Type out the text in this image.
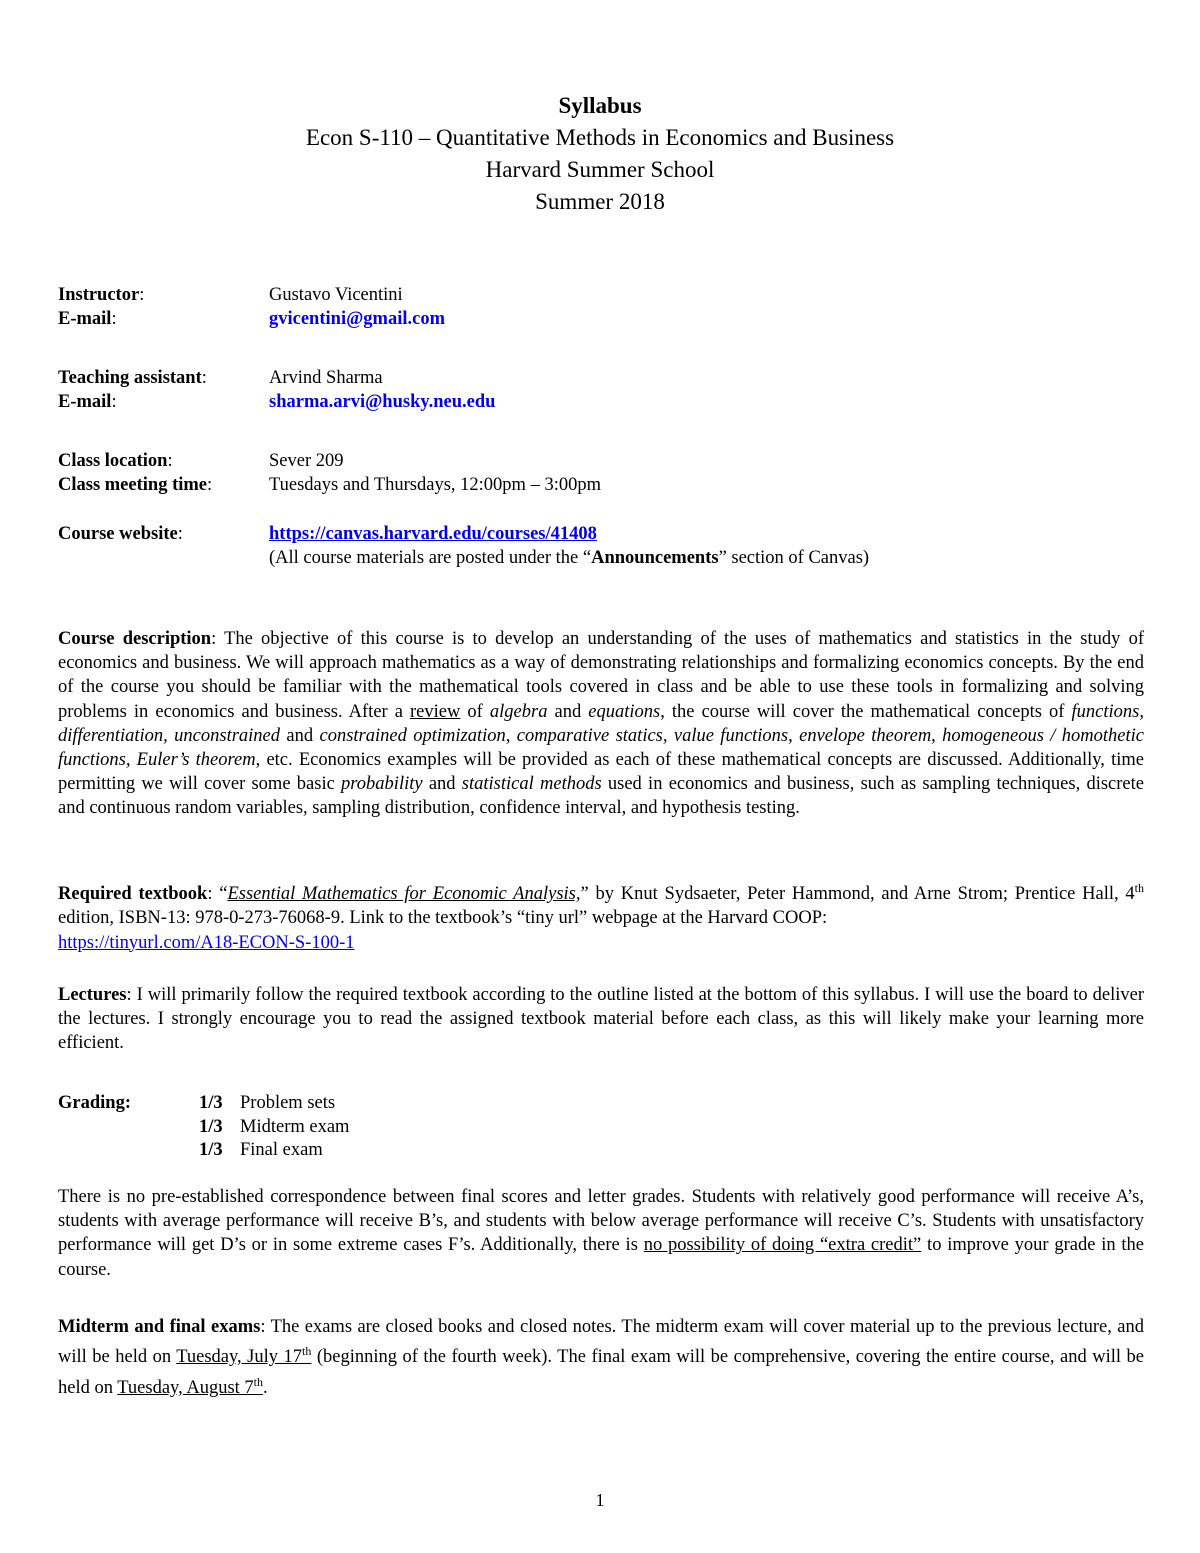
Syllabus
Econ S-110 – Quantitative Methods in Economics and Business
Harvard Summer School
Summer 2018
Instructor:	Gustavo Vicentini
E-mail:	gvicentini@gmail.com
Teaching assistant:	Arvind Sharma
E-mail:	sharma.arvi@husky.neu.edu
Class location:	Sever 209
Class meeting time:	Tuesdays and Thursdays, 12:00pm – 3:00pm
Course website:	https://canvas.harvard.edu/courses/41408
(All course materials are posted under the “Announcements” section of Canvas)
Course description: The objective of this course is to develop an understanding of the uses of mathematics and statistics in the study of economics and business. We will approach mathematics as a way of demonstrating relationships and formalizing economics concepts. By the end of the course you should be familiar with the mathematical tools covered in class and be able to use these tools in formalizing and solving problems in economics and business. After a review of algebra and equations, the course will cover the mathematical concepts of functions, differentiation, unconstrained and constrained optimization, comparative statics, value functions, envelope theorem, homogeneous / homothetic functions, Euler’s theorem, etc. Economics examples will be provided as each of these mathematical concepts are discussed. Additionally, time permitting we will cover some basic probability and statistical methods used in economics and business, such as sampling techniques, discrete and continuous random variables, sampling distribution, confidence interval, and hypothesis testing.
Required textbook: “Essential Mathematics for Economic Analysis,” by Knut Sydsaeter, Peter Hammond, and Arne Strom; Prentice Hall, 4th edition, ISBN-13: 978-0-273-76068-9. Link to the textbook’s “tiny url” webpage at the Harvard COOP:
https://tinyurl.com/A18-ECON-S-100-1
Lectures: I will primarily follow the required textbook according to the outline listed at the bottom of this syllabus. I will use the board to deliver the lectures. I strongly encourage you to read the assigned textbook material before each class, as this will likely make your learning more efficient.
Grading:	1/3 Problem sets
1/3 Midterm exam
1/3 Final exam
There is no pre-established correspondence between final scores and letter grades. Students with relatively good performance will receive A’s, students with average performance will receive B’s, and students with below average performance will receive C’s. Students with unsatisfactory performance will get D’s or in some extreme cases F’s. Additionally, there is no possibility of doing “extra credit” to improve your grade in the course.
Midterm and final exams: The exams are closed books and closed notes. The midterm exam will cover material up to the previous lecture, and will be held on Tuesday, July 17th (beginning of the fourth week). The final exam will be comprehensive, covering the entire course, and will be held on Tuesday, August 7th.
1
